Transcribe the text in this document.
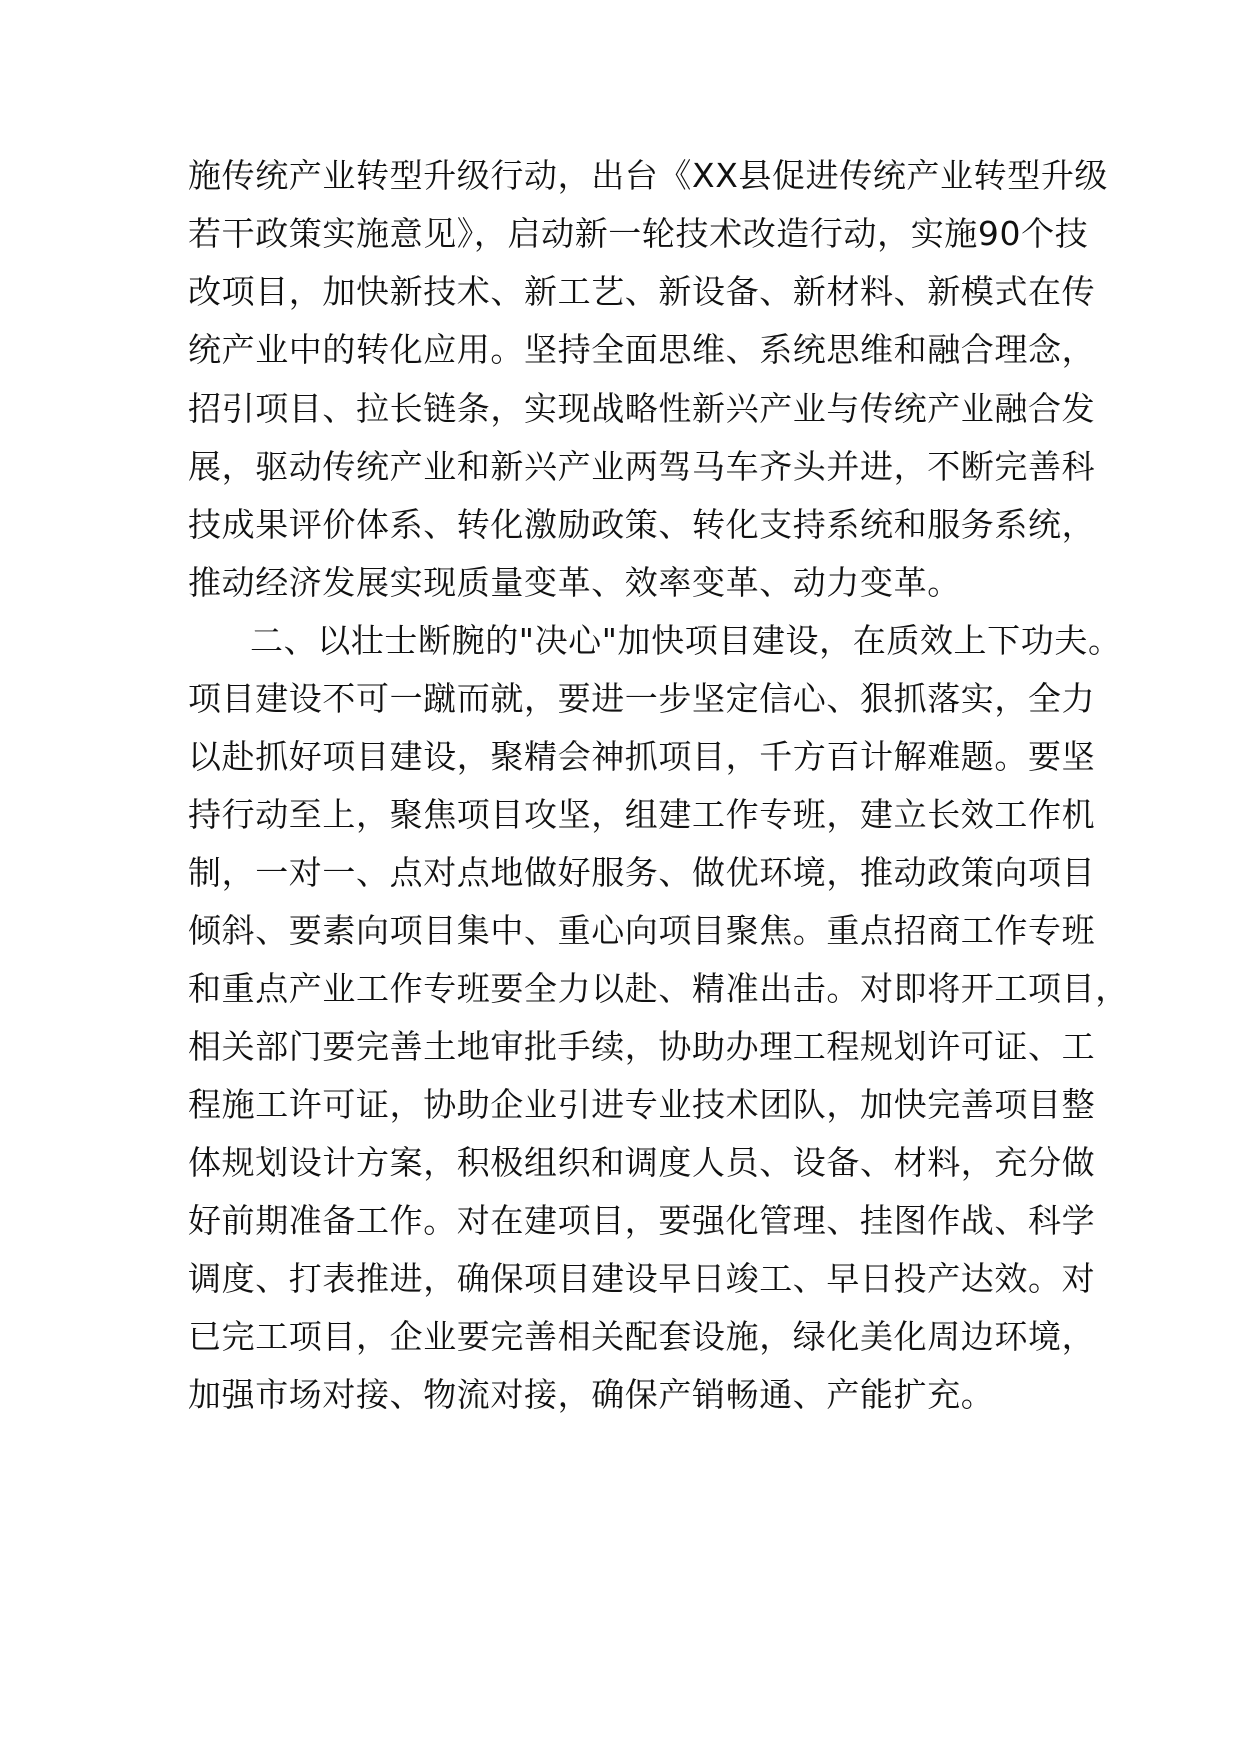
施传统产业转型升级行动，出台《XX县促进传统产业转型升级
若干政策实施意见》，启动新一轮技术改造行动，实施90个技
改项目，加快新技术、新工艺、新设备、新材料、新模式在传
统产业中的转化应用。坚持全面思维、系统思维和融合理念，
招引项目、拉长链条，实现战略性新兴产业与传统产业融合发
展，驱动传统产业和新兴产业两驾马车齐头并进，不断完善科
技成果评价体系、转化激励政策、转化支持系统和服务系统，
推动经济发展实现质量变革、效率变革、动力变革。
二、以壮士断腕的"决心"加快项目建设，在质效上下功夫。
项目建设不可一蹴而就，要进一步坚定信心、狠抓落实，全力
以赴抓好项目建设，聚精会神抓项目，千方百计解难题。要坚
持行动至上，聚焦项目攻坚，组建工作专班，建立长效工作机
制，一对一、点对点地做好服务、做优环境，推动政策向项目
倾斜、要素向项目集中、重心向项目聚焦。重点招商工作专班
和重点产业工作专班要全力以赴、精准出击。对即将开工项目，
相关部门要完善土地审批手续，协助办理工程规划许可证、工
程施工许可证，协助企业引进专业技术团队，加快完善项目整
体规划设计方案，积极组织和调度人员、设备、材料，充分做
好前期准备工作。对在建项目，要强化管理、挂图作战、科学
调度、打表推进，确保项目建设早日竣工、早日投产达效。对
已完工项目，企业要完善相关配套设施，绿化美化周边环境，
加强市场对接、物流对接，确保产销畅通、产能扩充。
